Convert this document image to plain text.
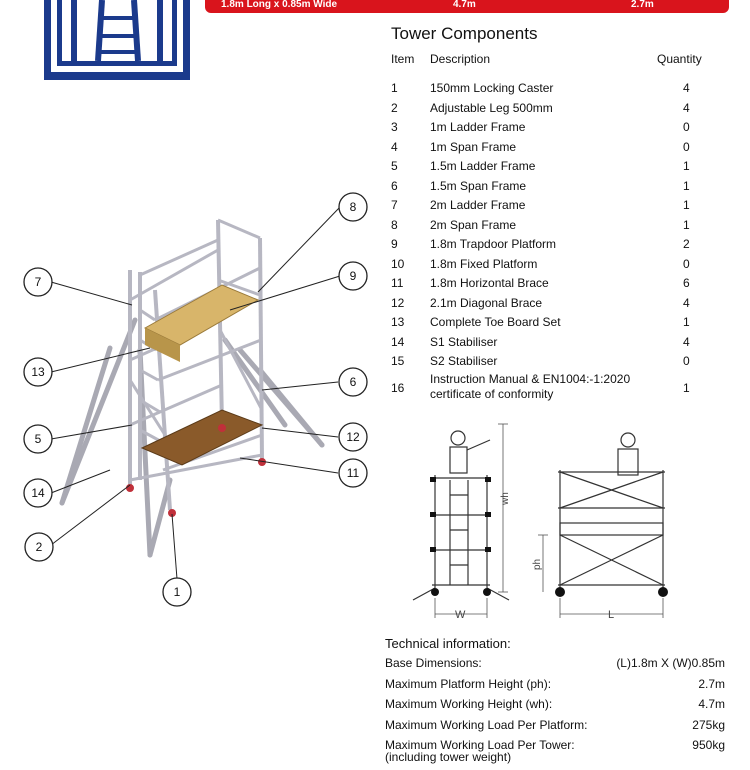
1.8m Long x 0.85m Wide	4.7m	2.7m
Tower Components
Item Description	Quantity
1	150mm Locking Caster	4
2	Adjustable Leg 500mm	4
3	1m Ladder Frame	0
4	1m Span Frame	0
5	1.5m Ladder Frame	1
6	1.5m Span Frame	1
7	2m Ladder Frame	1
8	2m Span Frame	1
9	1.8m Trapdoor Platform	2
10 1.8m Fixed Platform	0
11 1.8m Horizontal Brace	6
12 2.1m Diagonal Brace	4
13 Complete Toe Board Set	1
14 S1 Stabiliser	4
15 S2 Stabiliser	0
16
Instruction Manual & EN1004:-1:2020
certificate of conformity	1
1
2
5
6
7
8
9
11
12
13
14	wh
W
ph
L
Technical information:
Base Dimensions:	(L)1.8m X (W)0.85m
Maximum Platform Height (ph):	2.7m
Maximum Working Height (wh):	4.7m
Maximum Working Load Per Platform:	275kg
Maximum Working Load Per Tower:	950kg
(including tower weight)
